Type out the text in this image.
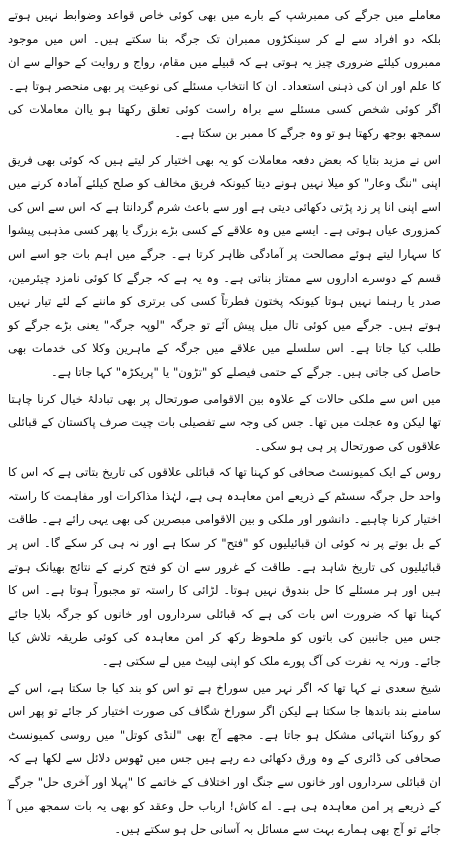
معاملے میں جرگے کی ممبرشپ کے بارے میں بھی کوئی خاص قواعد وضوابط نہیں ہوتے بلکہ دو افراد سے لے کر سینکڑوں ممبران تک جرگہ بنا سکتے ہیں۔ اس میں موجود ممبروں کیلئے ضروری چیز یہ ہوتی ہے کہ قبیلے میں مقام، رواج و روایت کے حوالے سے ان کا علم اور ان کی ذہنی استعداد۔ ان کا انتخاب مسئلے کی نوعیت پر بھی منحصر ہوتا ہے۔ اگر کوئی شخص کسی مسئلے سے براہ راست کوئی تعلق رکھتا ہو یاان معاملات کی سمجھ بوجھ رکھتا ہو تو وہ جرگے کا ممبر بن سکتا ہے۔

اس نے مزید بتایا کہ بعض دفعہ معاملات کو یہ بھی اختیار کر لیتے ہیں کہ کوئی بھی فریق اپنی "ننگ وعار" کو میلا نہیں ہونے دیتا کیونکہ فریق مخالف کو صلح کیلئے آمادہ کرنے میں اسے اپنی انا پر زد پڑتی دکھائی دیتی ہے اور سے باعث شرم گردانتا ہے کہ اس سے اس کی کمزوری عیاں ہوتی ہے۔ ایسے میں وہ علاقے کے کسی بڑے بزرگ یا پھر کسی مذہبی پیشوا کا سہارا لیتے ہوئے مصالحت پر آمادگی ظاہر کرتا ہے۔ جرگے میں اہم بات جو اسے اس قسم کے دوسرے اداروں سے ممتاز بناتی ہے۔ وہ یہ ہے کہ جرگے کا کوئی نامزد چیئرمین، صدر یا رہنما نہیں ہوتا کیونکہ پختون فطرتاً کسی کی برتری کو ماننے کے لئے تیار نہیں ہوتے ہیں۔ جرگے میں کوئی تال میل پیش آئے تو جرگہ "لوپہ جرگہ" یعنی بڑے جرگے کو طلب کیا جاتا ہے۔ اس سلسلے میں علاقے میں جرگہ کے ماہرین وکلا کی خدمات بھی حاصل کی جاتی ہیں۔ جرگے کے حتمی فیصلے کو "تڑون" یا "پریکڑہ" کہا جاتا ہے۔

میں اس سے ملکی حالات کے علاوہ بین الاقوامی صورتحال پر بھی تبادلۂ خیال کرنا چاہتا تھا لیکن وہ عجلت میں تھا۔ جس کی وجہ سے تفصیلی بات چیت صرف پاکستان کے قبائلی علاقوں کی صورتحال پر ہی ہو سکی۔

روس کے ایک کمیونسٹ صحافی کو کہنا تھا کہ قبائلی علاقوں کی تاریخ بتاتی ہے کہ اس کا واحد حل جرگہ سسٹم کے ذریعے امن معاہدہ ہی ہے، لہٰذا مذاکرات اور مفاہمت کا راستہ اختیار کرنا چاہیے۔ دانشور اور ملکی و بین الاقوامی مبصرین کی بھی یہی رائے ہے۔ طاقت کے بل بوتے پر نہ کوئی ان قبائیلیوں کو "فتح" کر سکا ہے اور نہ ہی کر سکے گا۔ اس پر قبائیلیوں کی تاریخ شاہد ہے۔ طاقت کے غرور سے ان کو فتح کرنے کے نتائج بھیانک ہوتے ہیں اور ہر مسئلے کا حل بندوق نہیں ہوتا۔ لڑائی کا راستہ تو مجبوراً ہوتا ہے۔ اس کا کہنا تھا کہ ضرورت اس بات کی ہے کہ قبائلی سرداروں اور خانوں کو جرگہ بلایا جائے جس میں جانبین کی باتوں کو ملحوظ رکھ کر امن معاہدہ کی کوئی طریقہ تلاش کیا جائے۔ ورنہ یہ نفرت کی آگ پورے ملک کو اپنی لپیٹ میں لے سکتی ہے۔

شیخ سعدی نے کہا تھا کہ اگر نہر میں سوراخ ہے تو اس کو بند کیا جا سکتا ہے، اس کے سامنے بند باندھا جا سکتا ہے لیکن اگر سوراخ شگاف کی صورت اختیار کر جائے تو پھر اس کو روکنا انتہائی مشکل ہو جاتا ہے۔ مجھے آج بھی "لنڈی کوتل" میں روسی کمیونسٹ صحافی کی ڈائری کے وہ ورق دکھائی دے رہے ہیں جس میں ٹھوس دلائل سے لکھا ہے کہ ان قبائلی سرداروں اور خانوں سے جنگ اور اختلاف کے خاتمے کا "پہلا اور آخری حل" جرگے کے ذریعے پر امن معاہدہ ہی ہے۔ اے کاش! ارباب حل وعقد کو بھی یہ بات سمجھ میں آ جائے تو آج بھی ہمارے بہت سے مسائل بہ آسانی حل ہو سکتے ہیں۔
